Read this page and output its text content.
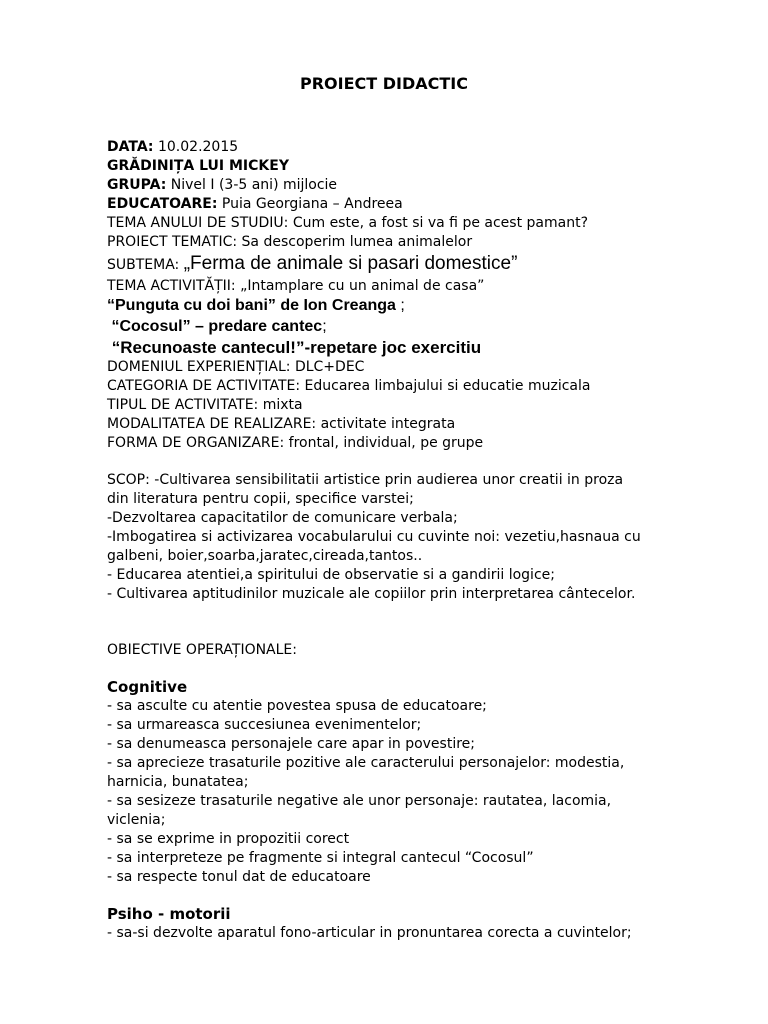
PROIECT DIDACTIC
DATA: 10.02.2015
GRĂDINIȚA LUI MICKEY
GRUPA: Nivel I (3-5 ani) mijlocie
EDUCATOARE: Puia Georgiana – Andreea
TEMA ANULUI DE STUDIU: Cum este, a fost si va fi pe acest pamant?
PROIECT TEMATIC: Sa descoperim lumea animalelor
SUBTEMA: „Ferma de animale si pasari domestice”
TEMA ACTIVITĂȚII: „Intamplare cu un animal de casa”
“Punguta cu doi bani” de Ion Creanga ;
“Cocosul” – predare cantec;
“Recunoaste cantecul!”-repetare joc exercitiu
DOMENIUL EXPERIENȚIAL: DLC+DEC
CATEGORIA DE ACTIVITATE: Educarea limbajului si educatie muzicala
TIPUL DE ACTIVITATE: mixta
MODALITATEA DE REALIZARE: activitate integrata
FORMA DE ORGANIZARE: frontal, individual, pe grupe
SCOP: -Cultivarea sensibilitatii artistice prin audierea unor creatii in proza
din literatura pentru copii, specifice varstei;
-Dezvoltarea capacitatilor de comunicare verbala;
-Imbogatirea si activizarea vocabularului cu cuvinte noi: vezetiu,hasnaua cu
galbeni, boier,soarba,jaratec,cireada,tantos..
- Educarea atentiei,a spiritului de observatie si a gandirii logice;
- Cultivarea aptitudinilor muzicale ale copiilor prin interpretarea cântecelor.
OBIECTIVE OPERAȚIONALE:
Cognitive
- sa asculte cu atentie povestea spusa de educatoare;
- sa urmareasca succesiunea evenimentelor;
- sa denumeasca personajele care apar in povestire;
- sa aprecieze trasaturile pozitive ale caracterului personajelor: modestia,
harnicia, bunatatea;
- sa sesizeze trasaturile negative ale unor personaje: rautatea, lacomia,
viclenia;
- sa se exprime in propozitii corect
- sa interpreteze pe fragmente si integral cantecul “Cocosul”
- sa respecte tonul dat de educatoare
Psiho - motorii
- sa-si dezvolte aparatul fono-articular in pronuntarea corecta a cuvintelor;
